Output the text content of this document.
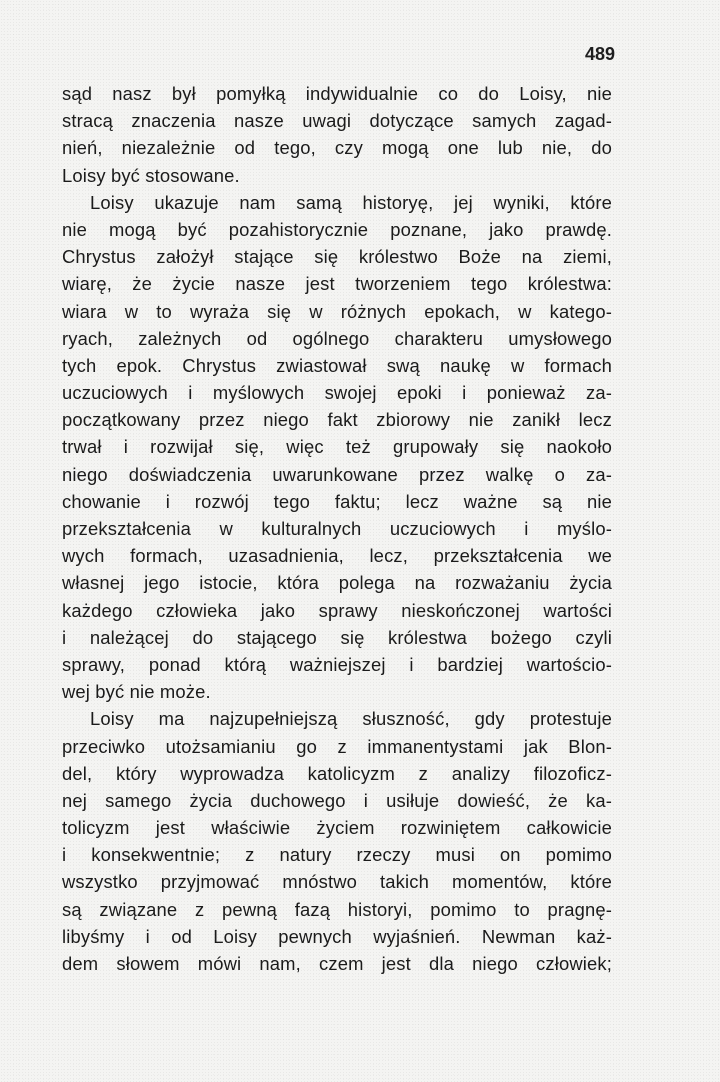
489
sąd nasz był pomyłką indywidualnie co do Loisy, nie
stracą znaczenia nasze uwagi dotyczące samych zagad-
nień, niezależnie od tego, czy mogą one lub nie, do
Loisy być stosowane.
Loisy ukazuje nam samą historyę, jej wyniki, które
nie mogą być pozahistorycznie poznane, jako prawdę.
Chrystus założył stające się królestwo Boże na ziemi,
wiarę, że życie nasze jest tworzeniem tego królestwa:
wiara w to wyraża się w różnych epokach, w katego-
ryach, zależnych od ogólnego charakteru umysłowego
tych epok. Chrystus zwiastował swą naukę w formach
uczuciowych i myślowych swojej epoki i ponieważ za-
początkowany przez niego fakt zbiorowy nie zanikł lecz
trwał i rozwijał się, więc też grupowały się naokoło
niego doświadczenia uwarunkowane przez walkę o za-
chowanie i rozwój tego faktu; lecz ważne są nie
przekształcenia w kulturalnych uczuciowych i myślo-
wych formach, uzasadnienia, lecz, przekształcenia we
własnej jego istocie, która polega na rozważaniu życia
każdego człowieka jako sprawy nieskończonej wartości
i należącej do stającego się królestwa bożego czyli
sprawy, ponad którą ważniejszej i bardziej wartościo-
wej być nie może.
Loisy ma najzupełniejszą słuszność, gdy protestuje
przeciwko utożsamianiu go z immanentystami jak Blon-
del, który wyprowadza katolicyzm z analizy filozoficz-
nej samego życia duchowego i usiłuje dowieść, że ka-
tolicyzm jest właściwie życiem rozwiniętem całkowicie
i konsekwentnie; z natury rzeczy musi on pomimo
wszystko przyjmować mnóstwo takich momentów, które
są związane z pewną fazą historyi, pomimo to pragnę-
libyśmy i od Loisy pewnych wyjaśnień. Newman każ-
dem słowem mówi nam, czem jest dla niego człowiek;
